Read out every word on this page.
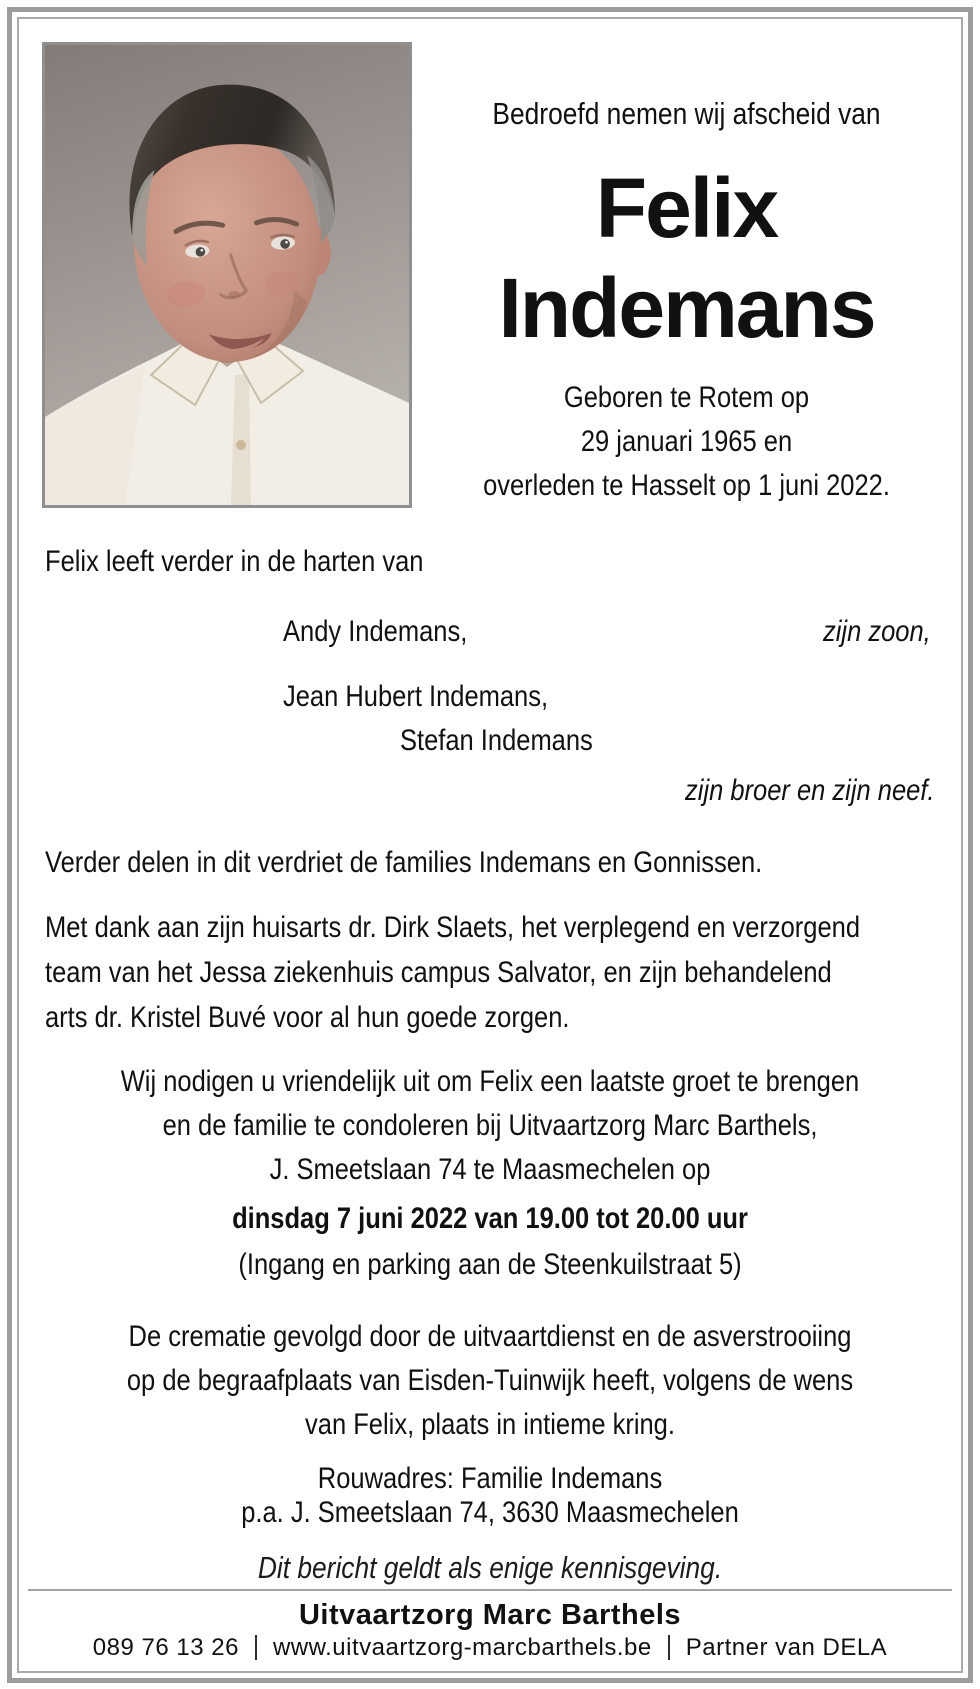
Bedroefd nemen wij afscheid van
Felix
Indemans
Geboren te Rotem op
29 januari 1965 en
overleden te Hasselt op 1 juni 2022.
Felix leeft verder in de harten van
Andy Indemans,	zijn zoon,
Jean Hubert Indemans,
Stefan Indemans
zijn broer en zijn neef.
Verder delen in dit verdriet de families Indemans en Gonnissen.
Met dank aan zijn huisarts dr. Dirk Slaets, het verplegend en verzorgend
team van het Jessa ziekenhuis campus Salvator, en zijn behandelend
arts dr. Kristel Buvé voor al hun goede zorgen.
Wij nodigen u vriendelijk uit om Felix een laatste groet te brengen
en de familie te condoleren bij Uitvaartzorg Marc Barthels,
J. Smeetslaan 74 te Maasmechelen op
dinsdag 7 juni 2022 van 19.00 tot 20.00 uur
(Ingang en parking aan de Steenkuilstraat 5)
De crematie gevolgd door de uitvaartdienst en de asverstrooiing
op de begraafplaats van Eisden-Tuinwijk heeft, volgens de wens
van Felix, plaats in intieme kring.
Rouwadres: Familie Indemans
p.a. J. Smeetslaan 74, 3630 Maasmechelen
Dit bericht geldt als enige kennisgeving.
Uitvaartzorg Marc Barthels
089 76 13 26 www.uitvaartzorg-marcbarthels.be Partner van DELA
